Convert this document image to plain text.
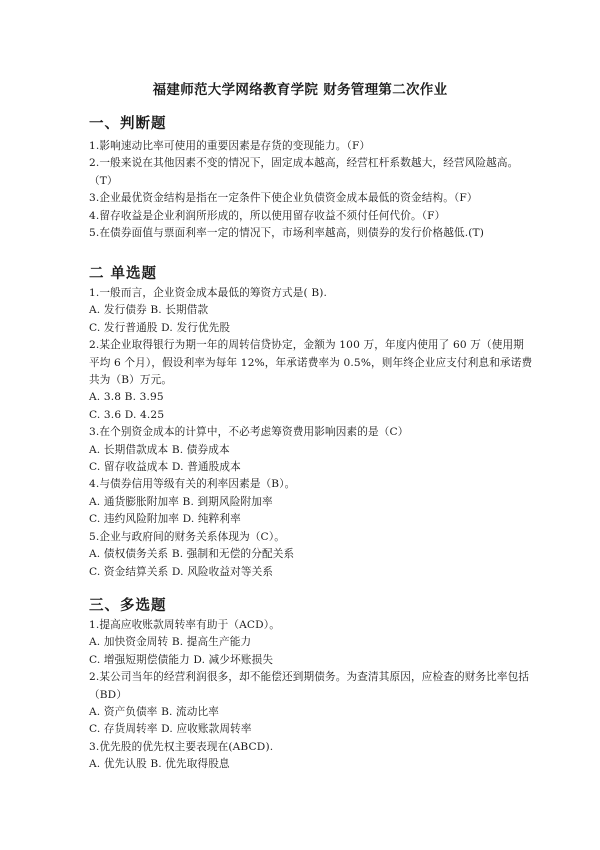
福建师范大学网络教育学院 财务管理第二次作业
一、判断题
1.影响速动比率可使用的重要因素是存货的变现能力。（F）
2.一般来说在其他因素不变的情况下，固定成本越高，经营杠杆系数越大，经营风险越高。
（T）
3.企业最优资金结构是指在一定条件下使企业负债资金成本最低的资金结构。（F）
4.留存收益是企业利润所形成的，所以使用留存收益不须付任何代价。（F）
5.在债券面值与票面利率一定的情况下，市场利率越高，则债券的发行价格越低.(T)
二 单选题
1.一般而言，企业资金成本最低的筹资方式是( B).
A. 发行债券 B. 长期借款
C. 发行普通股 D. 发行优先股
2.某企业取得银行为期一年的周转信贷协定，金额为 100 万，年度内使用了 60 万（使用期
平均 6 个月），假设利率为每年 12%，年承诺费率为 0.5%，则年终企业应支付利息和承诺费
共为（B）万元。
A. 3.8 B. 3.95
C. 3.6 D. 4.25
3.在个别资金成本的计算中，不必考虑筹资费用影响因素的是（C）
A. 长期借款成本 B. 债券成本
C. 留存收益成本 D. 普通股成本
4.与债券信用等级有关的利率因素是（B）。
A. 通货膨胀附加率 B. 到期风险附加率
C. 违约风险附加率 D. 纯粹利率
5.企业与政府间的财务关系体现为（C）。
A. 债权债务关系 B. 强制和无偿的分配关系
C. 资金结算关系 D. 风险收益对等关系
三、多选题
1.提高应收账款周转率有助于（ACD）。
A. 加快资金周转 B. 提高生产能力
C. 增强短期偿债能力 D. 减少坏账损失
2.某公司当年的经营利润很多，却不能偿还到期债务。为查清其原因，应检查的财务比率包括
（BD）
A. 资产负债率 B. 流动比率
C. 存货周转率 D. 应收账款周转率
3.优先股的优先权主要表现在(ABCD).
A. 优先认股 B. 优先取得股息
